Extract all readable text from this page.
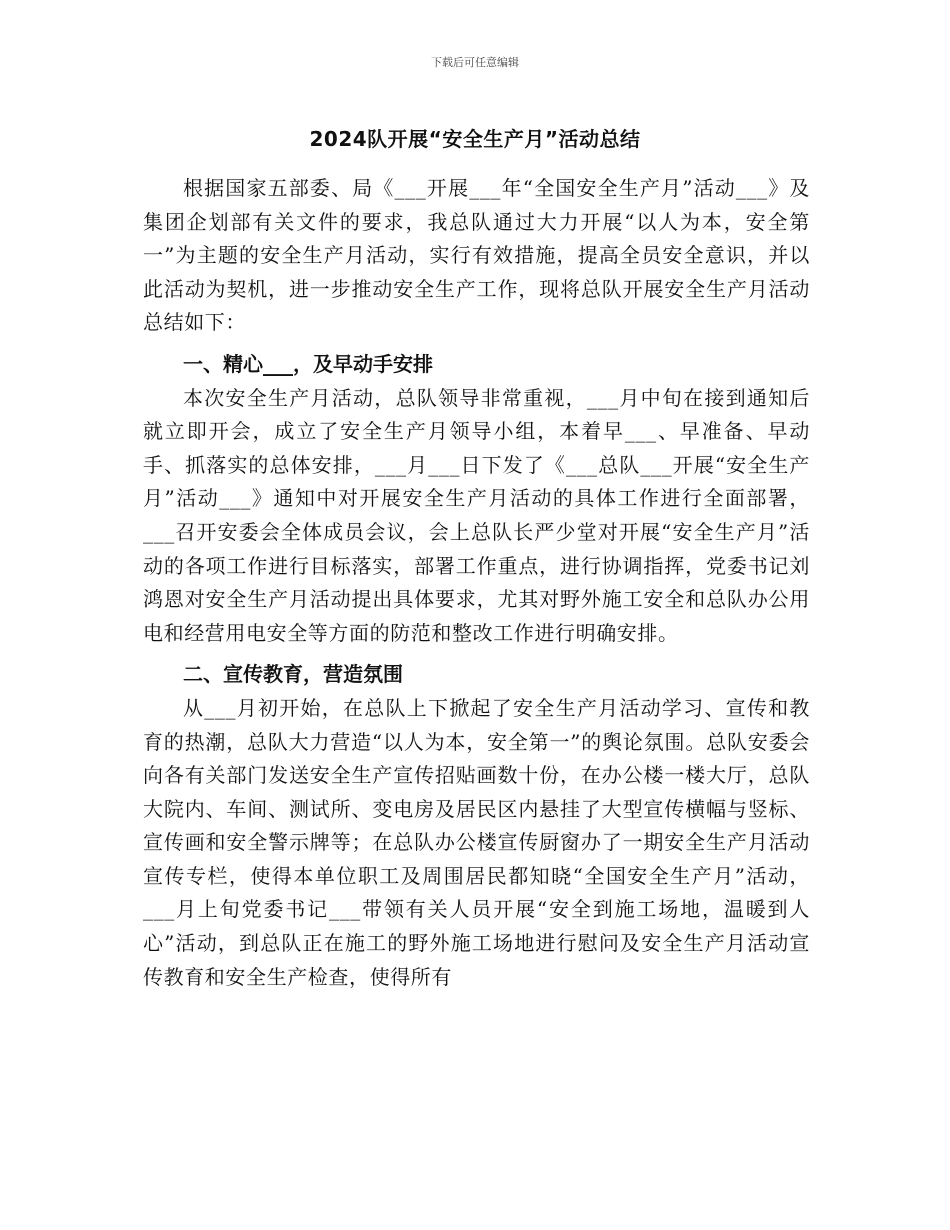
下载后可任意编辑
2024队开展“安全生产月”活动总结

根据国家五部委、局《___开展___年“全国安全生产月”活动___》及集团企划部有关文件的要求，我总队通过大力开展“以人为本，安全第一”为主题的安全生产月活动，实行有效措施，提高全员安全意识，并以此活动为契机，进一步推动安全生产工作，现将总队开展安全生产月活动总结如下：

一、精心___，及早动手安排

本次安全生产月活动，总队领导非常重视，___月中旬在接到通知后就立即开会，成立了安全生产月领导小组，本着早___、早准备、早动手、抓落实的总体安排，___月___日下发了《___总队___开展“安全生产月”活动___》通知中对开展安全生产月活动的具体工作进行全面部署，___召开安委会全体成员会议，会上总队长严少堂对开展“安全生产月”活动的各项工作进行目标落实，部署工作重点，进行协调指挥，党委书记刘鸿恩对安全生产月活动提出具体要求，尤其对野外施工安全和总队办公用电和经营用电安全等方面的防范和整改工作进行明确安排。

二、宣传教育，营造氛围

从___月初开始，在总队上下掀起了安全生产月活动学习、宣传和教育的热潮，总队大力营造“以人为本，安全第一”的舆论氛围。总队安委会向各有关部门发送安全生产宣传招贴画数十份，在办公楼一楼大厅，总队大院内、车间、测试所、变电房及居民区内悬挂了大型宣传横幅与竖标、宣传画和安全警示牌等；在总队办公楼宣传厨窗办了一期安全生产月活动宣传专栏，使得本单位职工及周围居民都知晓“全国安全生产月”活动，___月上旬党委书记___带领有关人员开展“安全到施工场地，温暖到人心”活动，到总队正在施工的野外施工场地进行慰问及安全生产月活动宣传教育和安全生产检查，使得所有
